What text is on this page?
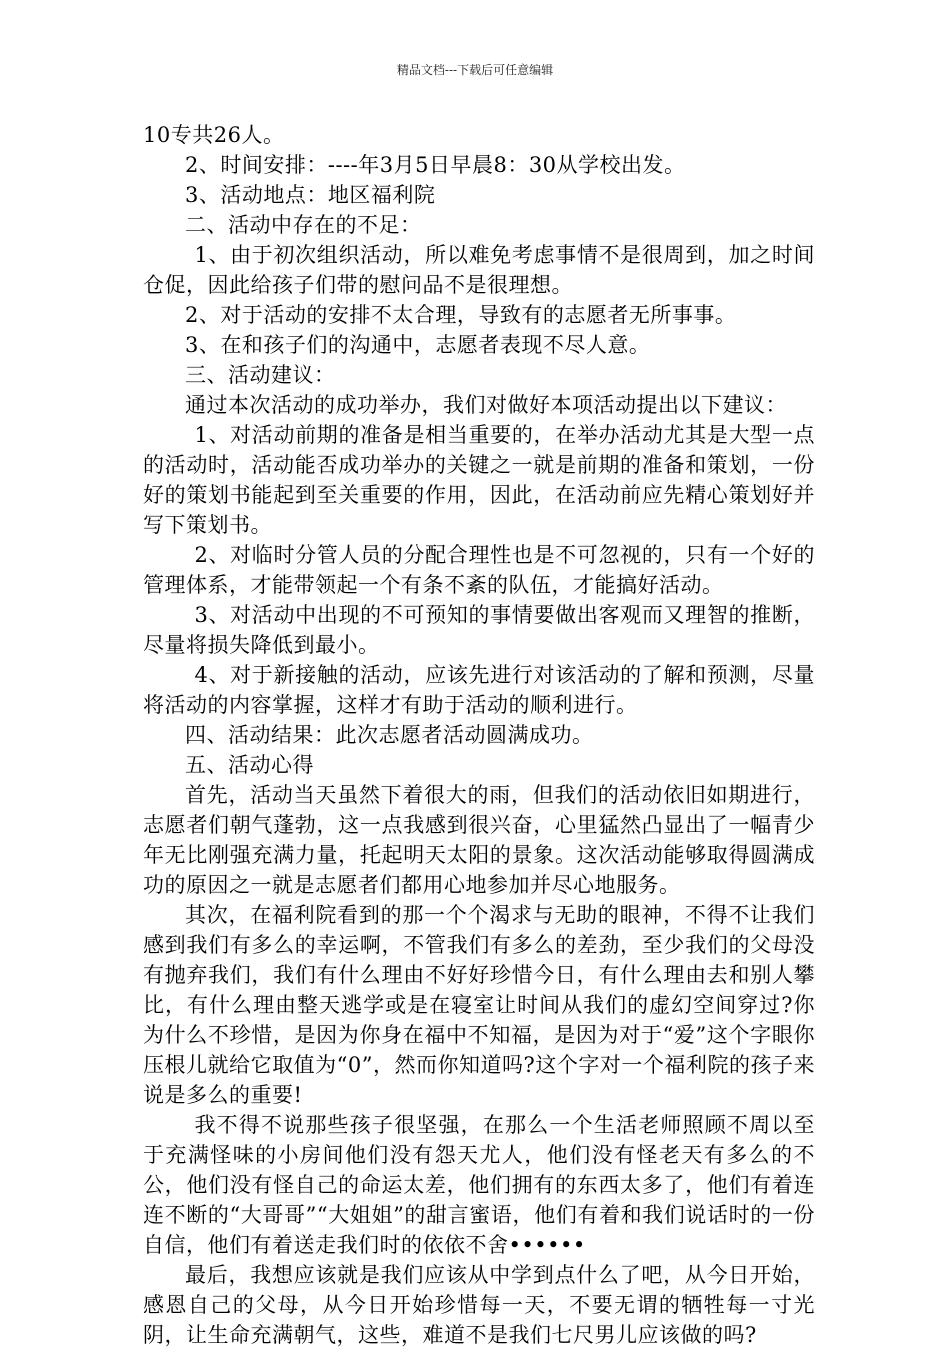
精品文档---下载后可任意编辑

10专共26人。

2、时间安排：----年3月5日早晨8：30从学校出发。

3、活动地点：地区福利院

二、活动中存在的不足：

1、由于初次组织活动，所以难免考虑事情不是很周到，加之时间仓促，因此给孩子们带的慰问品不是很理想。

2、对于活动的安排不太合理，导致有的志愿者无所事事。

3、在和孩子们的沟通中，志愿者表现不尽人意。

三、活动建议：

通过本次活动的成功举办，我们对做好本项活动提出以下建议：

1、对活动前期的准备是相当重要的，在举办活动尤其是大型一点的活动时，活动能否成功举办的关键之一就是前期的准备和策划，一份好的策划书能起到至关重要的作用，因此，在活动前应先精心策划好并写下策划书。

2、对临时分管人员的分配合理性也是不可忽视的，只有一个好的管理体系，才能带领起一个有条不紊的队伍，才能搞好活动。

3、对活动中出现的不可预知的事情要做出客观而又理智的推断，尽量将损失降低到最小。

4、对于新接触的活动，应该先进行对该活动的了解和预测，尽量将活动的内容掌握，这样才有助于活动的顺利进行。

四、活动结果：此次志愿者活动圆满成功。

五、活动心得

首先，活动当天虽然下着很大的雨，但我们的活动依旧如期进行，志愿者们朝气蓬勃，这一点我感到很兴奋，心里猛然凸显出了一幅青少年无比刚强充满力量，托起明天太阳的景象。这次活动能够取得圆满成功的原因之一就是志愿者们都用心地参加并尽心地服务。

其次，在福利院看到的那一个个渴求与无助的眼神，不得不让我们感到我们有多么的幸运啊，不管我们有多么的差劲，至少我们的父母没有抛弃我们，我们有什么理由不好好珍惜今日，有什么理由去和别人攀比，有什么理由整天逃学或是在寝室让时间从我们的虚幻空间穿过?你为什么不珍惜，是因为你身在福中不知福，是因为对于“爱”这个字眼你压根儿就给它取值为“0”，然而你知道吗?这个字对一个福利院的孩子来说是多么的重要!

我不得不说那些孩子很坚强，在那么一个生活老师照顾不周以至于充满怪味的小房间他们没有怨天尤人，他们没有怪老天有多么的不公，他们没有怪自己的命运太差，他们拥有的东西太多了，他们有着连连不断的“大哥哥”“大姐姐”的甜言蜜语，他们有着和我们说话时的一份自信，他们有着送走我们时的依依不舍••••••

最后，我想应该就是我们应该从中学到点什么了吧，从今日开始，感恩自己的父母，从今日开始珍惜每一天，不要无谓的牺牲每一寸光阴，让生命充满朝气，这些，难道不是我们七尺男儿应该做的吗?
